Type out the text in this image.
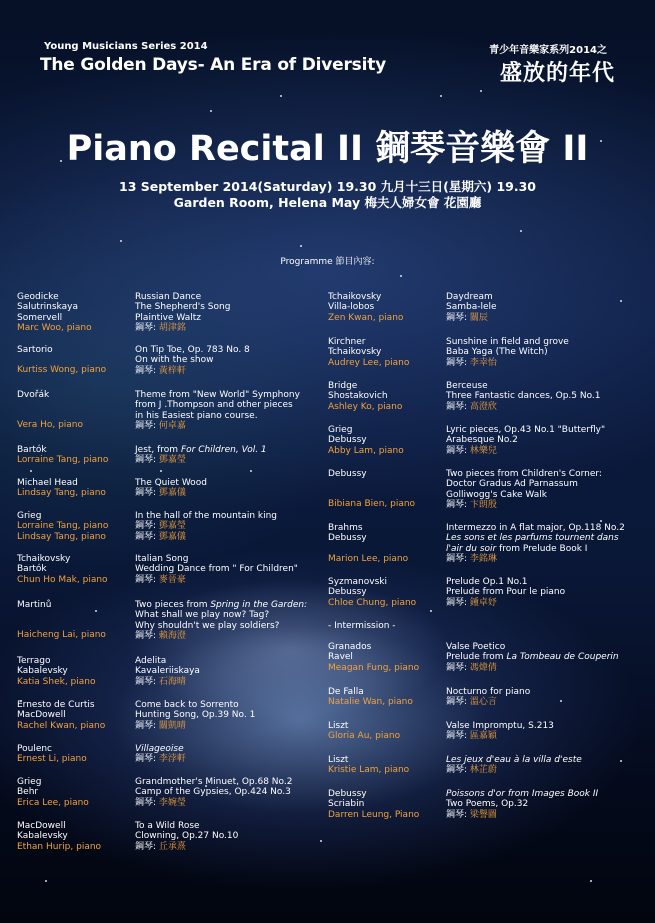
Young Musicians Series 2014
The Golden Days- An Era of Diversity
青少年音樂家系列2014之
盛放的年代
Piano Recital II 鋼琴音樂會 II
13 September 2014(Saturday) 19.30 九月十三日(星期六) 19.30
Garden Room, Helena May 梅夫人婦女會 花園廳
Programme 節目內容:
Geodicke
Salutrinskaya
Somervell
Marc Woo, piano
Sartorio
Kurtiss Wong, piano
Dvořák
Vera Ho, piano
Bartók
Lorraine Tang, piano
Michael Head
Lindsay Tang, piano
Grieg
Lorraine Tang, piano
Lindsay Tang, piano
Tchaikovsky
Bartók
Chun Ho Mak, piano
Martinů
Haicheng Lai, piano
Terrago
Kabalevsky
Katia Shek, piano
Ernesto de Curtis
MacDowell
Rachel Kwan, piano
Poulenc
Ernest Li, piano
Grieg
Behr
Erica Lee, piano
MacDowell
Kabalevsky
Ethan Hurip, piano
Russian Dance
The Shepherd's Song
Plaintive Waltz
鋼琴: 胡津銘
On Tip Toe, Op. 783 No. 8
On with the show
鋼琴: 黃梓軒
Theme from "New World" Symphony
from J .Thompson and other pieces
in his Easiest piano course.
鋼琴: 何卓嘉
Jest, from For Children, Vol. 1
鋼琴: 鄧嘉瑩
The Quiet Wood
鋼琴: 鄧嘉儀
In the hall of the mountain king
鋼琴: 鄧嘉瑩
鋼琴: 鄧嘉儀
Italian Song
Wedding Dance from " For Children"
鋼琴: 麥晉豪
Two pieces from Spring in the Garden:
What shall we play now? Tag?
Why shouldn't we play soldiers?
鋼琴: 賴海澄
Adelita
Kavaleriiskaya
鋼琴: 石海晴
Come back to Sorrento
Hunting Song, Op.39 No. 1
鋼琴: 關凱晴
Villageoise
鋼琴: 李浡軒
Grandmother's Minuet, Op.68 No.2
Camp of the Gypsies, Op.424 No.3
鋼琴: 李婉瑩
To a Wild Rose
Clowning, Op.27 No.10
鋼琴: 丘承熹
Tchaikovsky
Villa-lobos
Zen Kwan, piano
Kirchner
Tchaikovsky
Audrey Lee, piano
Bridge
Shostakovich
Ashley Ko, piano
Grieg
Debussy
Abby Lam, piano
Debussy
Bibiana Bien, piano
Brahms
Debussy
Marion Lee, piano
Syzmanovski
Debussy
Chloe Chung, piano
- Intermission -
Granados
Ravel
Meagan Fung, piano
De Falla
Natalie Wan, piano
Liszt
Gloria Au, piano
Liszt
Kristie Lam, piano
Debussy
Scriabin
Darren Leung, Piano
Daydream
Samba-lele
鋼琴: 關辰
Sunshine in field and grove
Baba Yaga (The Witch)
鋼琴: 李幸怡
Berceuse
Three Fantastic dances, Op.5 No.1
鋼琴: 高澄欣
Lyric pieces, Op.43 No.1 "Butterfly"
Arabesque No.2
鋼琴: 林樂兒
Two pieces from Children's Corner:
Doctor Gradus Ad Parnassum
Golliwogg's Cake Walk
鋼琴: 卞朗殷
Intermezzo in A flat major, Op.118 No.2
Les sons et les parfums tournent dans
l'air du soir from Prelude Book I
鋼琴: 李銘琳
Prelude Op.1 No.1
Prelude from Pour le piano
鋼琴: 鍾卓妤
Valse Poetico
Prelude from La Tombeau de Couperin
鋼琴: 馮煒倩
Nocturno for piano
鋼琴: 溫心言
Valse Impromptu, S.213
鋼琴: 區嘉穎
Les jeux d'eau à la villa d'este
鋼琴: 林芷蔚
Poissons d'or from Images Book II
Two Poems, Op.32
鋼琴: 梁譽圖
